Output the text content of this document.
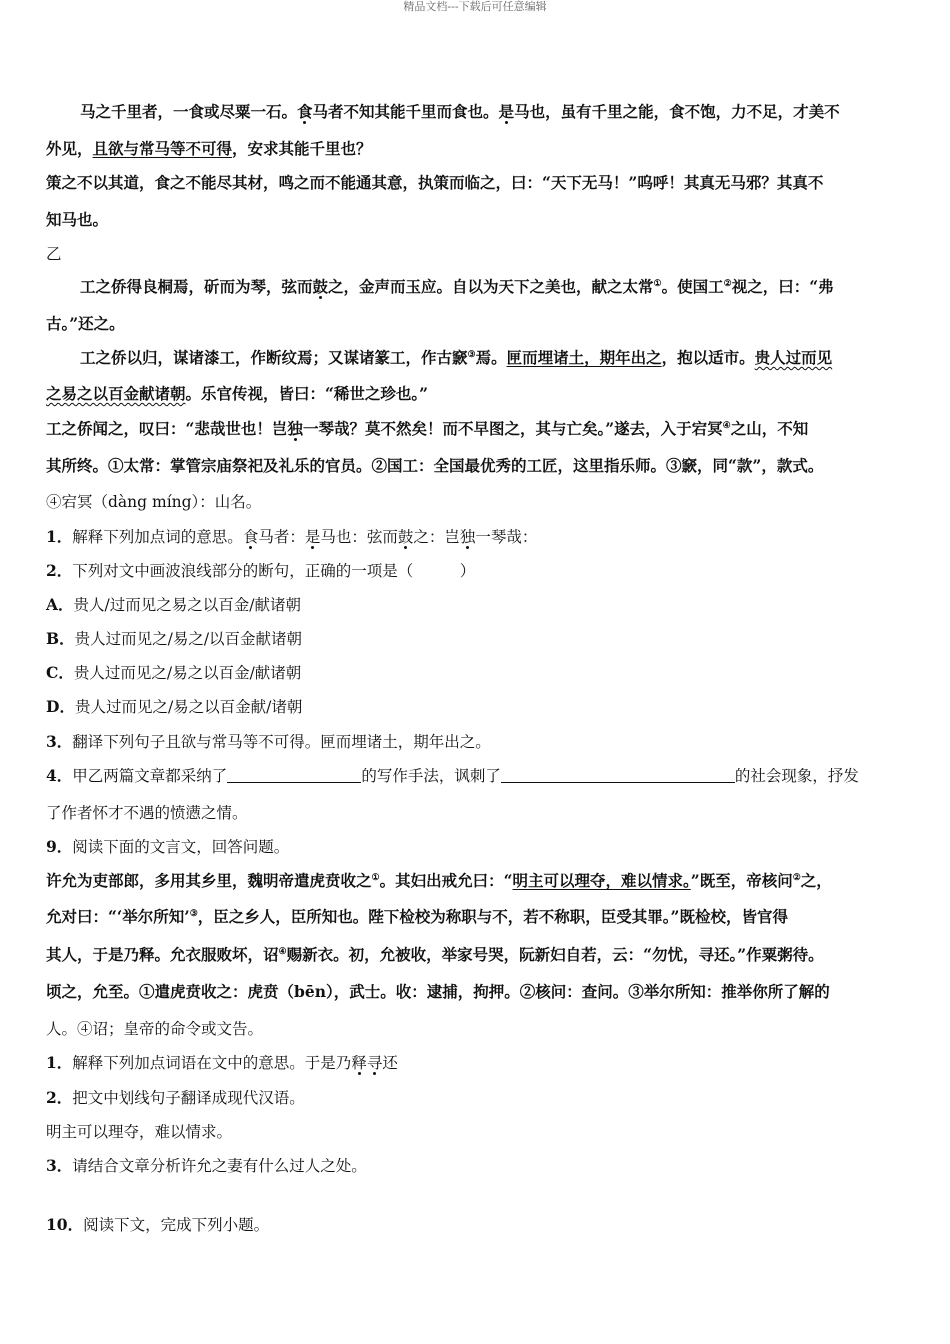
精品文档---下载后可任意编辑
马之千里者，一食或尽粟一石。食马者不知其能千里而食也。是马也，虽有千里之能，食不饱，力不足，才美不
外见，且欲与常马等不可得，安求其能千里也？
策之不以其道，食之不能尽其材，鸣之而不能通其意，执策而临之，曰：“天下无马！”呜呼！其真无马邪？其真不
知马也。
乙
工之侨得良桐焉，斫而为琴，弦而鼓之，金声而玉应。自以为天下之美也，献之太常①。使国工②视之，曰：“弗
古。”还之。
工之侨以归，谋诸漆工，作断纹焉；又谋诸篆工，作古窾③焉。匣而埋诸土，期年出之，抱以适市。贵人过而见
之易之以百金献诸朝。乐官传视，皆曰：“稀世之珍也。”
工之侨闻之，叹曰：“悲哉世也！岂独一琴哉？莫不然矣！而不早图之，其与亡矣。”遂去，入于宕冥④之山，不知
其所终。①太常：掌管宗庙祭祀及礼乐的官员。②国工：全国最优秀的工匠，这里指乐师。③窾，同“款”，款式。
④宕冥（dàng míng）：山名。
1．解释下列加点词的意思。食马者：是马也：弦而鼓之：岂独一琴哉：
2．下列对文中画波浪线部分的断句，正确的一项是（　　　）
A．贵人/过而见之易之以百金/献诸朝
B．贵人过而见之/易之/以百金献诸朝
C．贵人过而见之/易之以百金/献诸朝
D．贵人过而见之/易之以百金献/诸朝
3．翻译下列句子且欲与常马等不可得。匣而埋诸土，期年出之。
4．甲乙两篇文章都采纳了	的写作手法，讽刺了	的社会现象，抒发
了作者怀才不遇的愤懑之情。
9．阅读下面的文言文，回答问题。
许允为吏部郎，多用其乡里，魏明帝遣虎贲收之①。其妇出戒允曰：“明主可以理夺，难以情求。”既至，帝核问②之，
允对曰：“‘举尔所知’③，臣之乡人，臣所知也。陛下检校为称职与不，若不称职，臣受其罪。”既检校，皆官得
其人，于是乃释。允衣服败坏，诏④赐新衣。初，允被收，举家号哭，阮新妇自若，云：“勿忧，寻还。”作粟粥待。
顷之，允至。①遣虎贲收之：虎贲（bēn），武士。收：逮捕，拘押。②核问：查问。③举尔所知：推举你所了解的
人。④诏；皇帝的命令或文告。
1．解释下列加点词语在文中的意思。于是乃释寻还
2．把文中划线句子翻译成现代汉语。
明主可以理夺，难以情求。
3．请结合文章分析许允之妻有什么过人之处。
10．阅读下文，完成下列小题。
